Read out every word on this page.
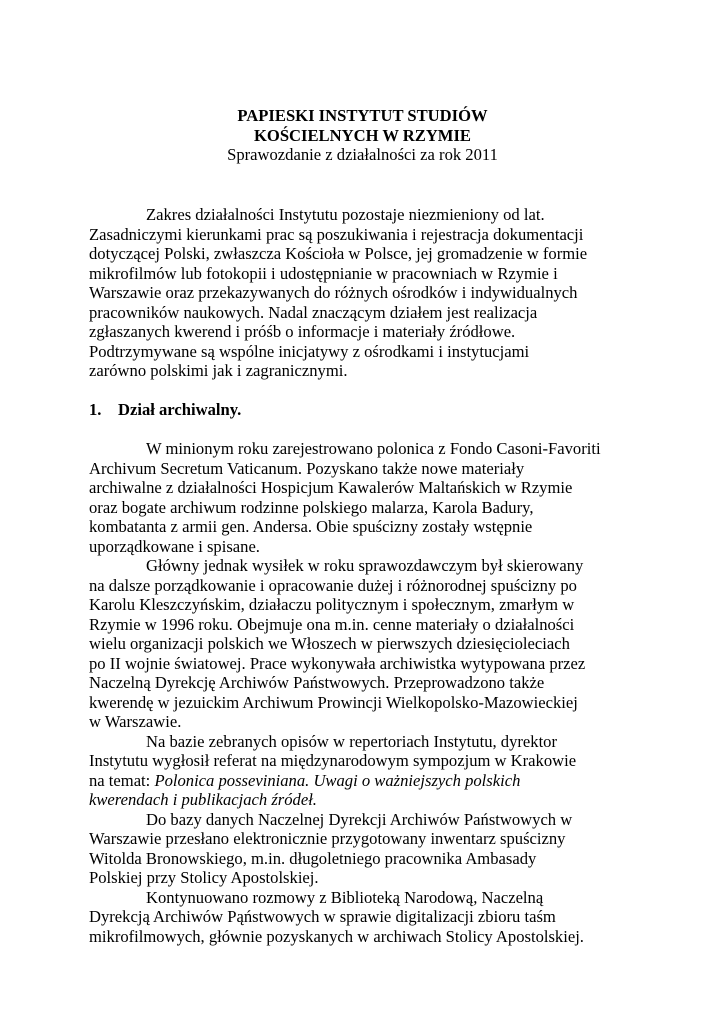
PAPIESKI INSTYTUT STUDIÓW
KOŚCIELNYCH W RZYMIE
Sprawozdanie z działalności za rok 2011
Zakres działalności Instytutu pozostaje niezmieniony od lat.
Zasadniczymi kierunkami prac są poszukiwania i rejestracja dokumentacji
dotyczącej Polski, zwłaszcza Kościoła w Polsce, jej gromadzenie w formie
mikrofilmów lub fotokopii i udostępnianie w pracowniach w Rzymie i
Warszawie oraz przekazywanych do różnych ośrodków i indywidualnych
pracowników naukowych. Nadal znaczącym działem jest realizacja
zgłaszanych kwerend i próśb o informacje i materiały źródłowe.
Podtrzymywane są wspólne inicjatywy z ośrodkami i instytucjami
zarówno polskimi jak i zagranicznymi.
1. Dział archiwalny.
W minionym roku zarejestrowano polonica z Fondo Casoni-Favoriti
Archivum Secretum Vaticanum. Pozyskano także nowe materiały
archiwalne z działalności Hospicjum Kawalerów Maltańskich w Rzymie
oraz bogate archiwum rodzinne polskiego malarza, Karola Badury,
kombatanta z armii gen. Andersa. Obie spuścizny zostały wstępnie
uporządkowane i spisane.
Główny jednak wysiłek w roku sprawozdawczym był skierowany
na dalsze porządkowanie i opracowanie dużej i różnorodnej spuścizny po
Karolu Kleszczyńskim, działaczu politycznym i społecznym, zmarłym w
Rzymie w 1996 roku. Obejmuje ona m.in. cenne materiały o działalności
wielu organizacji polskich we Włoszech w pierwszych dziesięcioleciach
po II wojnie światowej. Prace wykonywała archiwistka wytypowana przez
Naczelną Dyrekcję Archiwów Państwowych. Przeprowadzono także
kwerendę w jezuickim Archiwum Prowincji Wielkopolsko-Mazowieckiej
w Warszawie.
Na bazie zebranych opisów w repertoriach Instytutu, dyrektor
Instytutu wygłosił referat na międzynarodowym sympozjum w Krakowie
na temat: Polonica posseviniana. Uwagi o ważniejszych polskich
kwerendach i publikacjach źródeł.
Do bazy danych Naczelnej Dyrekcji Archiwów Państwowych w
Warszawie przesłano elektronicznie przygotowany inwentarz spuścizny
Witolda Bronowskiego, m.in. długoletniego pracownika Ambasady
Polskiej przy Stolicy Apostolskiej.
Kontynuowano rozmowy z Biblioteką Narodową, Naczelną
Dyrekcją Archiwów Pąństwowych w sprawie digitalizacji zbioru taśm
mikrofilmowych, głównie pozyskanych w archiwach Stolicy Apostolskiej.
